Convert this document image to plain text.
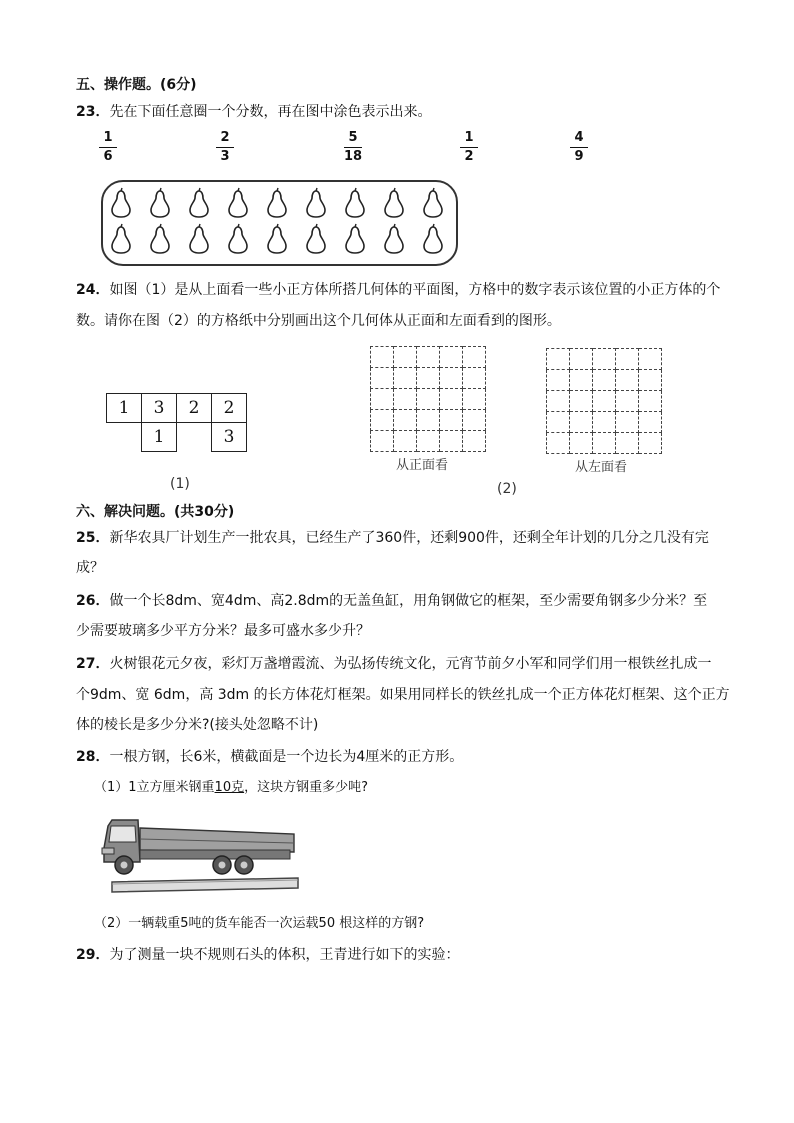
五、操作题。(6分)
23．先在下面任意圈一个分数，再在图中涂色表示出来。
1
6
2
3
5
18
1
2
4
9
24．如图（1）是从上面看一些小正方体所搭几何体的平面图，方格中的数字表示该位置的小正方体的个
数。请你在图（2）的方格纸中分别画出这个几何体从正面和左面看到的图形。
1	3	2	2
	1		3
(1)

从正面看

					从左面看
(2)
六、解决问题。(共30分)
25．新华农具厂计划生产一批农具，已经生产了360件，还剩900件，还剩全年计划的几分之几没有完
成？
26．做一个长8dm、宽4dm、高2.8dm的无盖鱼缸，用角钢做它的框架，至少需要角钢多少分米？至
少需要玻璃多少平方分米？最多可盛水多少升？
27．火树银花元夕夜，彩灯万盏增霞流、为弘扬传统文化，元宵节前夕小军和同学们用一根铁丝扎成一
个9dm、宽 6dm，高 3dm 的长方体花灯框架。如果用同样长的铁丝扎成一个正方体花灯框架、这个正方
体的棱长是多少分米?(接头处忽略不计)
28．一根方钢，长6米，横截面是一个边长为4厘米的正方形。
（1）1立方厘米钢重10克，这块方钢重多少吨?
（2）一辆载重5吨的货车能否一次运载50 根这样的方钢?
29．为了测量一块不规则石头的体积，王青进行如下的实验：
